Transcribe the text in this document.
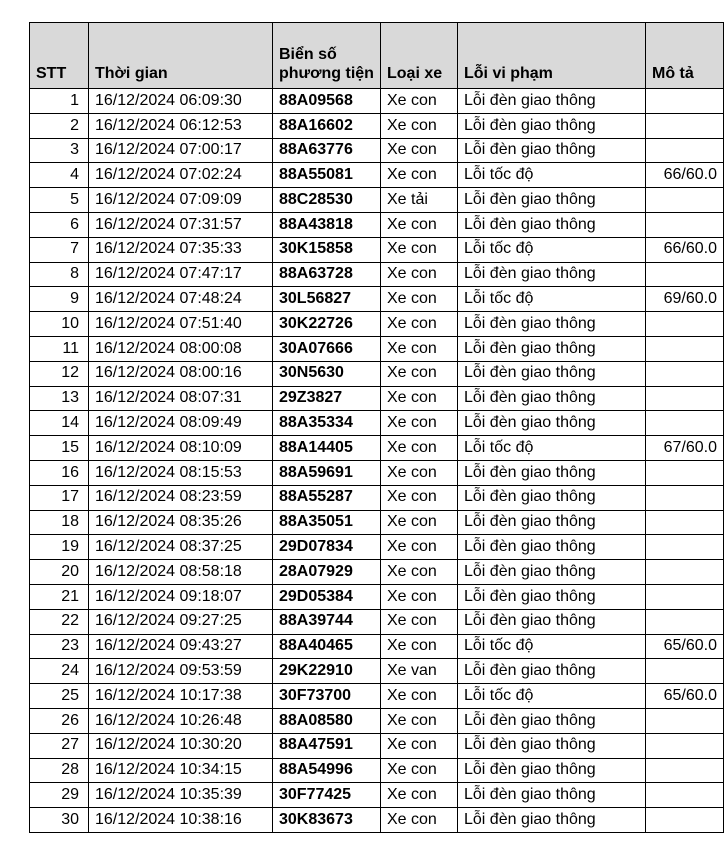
STT	Thời gian	Biển số phương tiện	Loại xe	Lỗi vi phạm	Mô tả
1	16/12/2024 06:09:30	88A09568	Xe con	Lỗi đèn giao thông	
2	16/12/2024 06:12:53	88A16602	Xe con	Lỗi đèn giao thông	
3	16/12/2024 07:00:17	88A63776	Xe con	Lỗi đèn giao thông	
4	16/12/2024 07:02:24	88A55081	Xe con	Lỗi tốc độ	66/60.0
5	16/12/2024 07:09:09	88C28530	Xe tải	Lỗi đèn giao thông	
6	16/12/2024 07:31:57	88A43818	Xe con	Lỗi đèn giao thông	
7	16/12/2024 07:35:33	30K15858	Xe con	Lỗi tốc độ	66/60.0
8	16/12/2024 07:47:17	88A63728	Xe con	Lỗi đèn giao thông	
9	16/12/2024 07:48:24	30L56827	Xe con	Lỗi tốc độ	69/60.0
10	16/12/2024 07:51:40	30K22726	Xe con	Lỗi đèn giao thông	
11	16/12/2024 08:00:08	30A07666	Xe con	Lỗi đèn giao thông	
12	16/12/2024 08:00:16	30N5630	Xe con	Lỗi đèn giao thông	
13	16/12/2024 08:07:31	29Z3827	Xe con	Lỗi đèn giao thông	
14	16/12/2024 08:09:49	88A35334	Xe con	Lỗi đèn giao thông	
15	16/12/2024 08:10:09	88A14405	Xe con	Lỗi tốc độ	67/60.0
16	16/12/2024 08:15:53	88A59691	Xe con	Lỗi đèn giao thông	
17	16/12/2024 08:23:59	88A55287	Xe con	Lỗi đèn giao thông	
18	16/12/2024 08:35:26	88A35051	Xe con	Lỗi đèn giao thông	
19	16/12/2024 08:37:25	29D07834	Xe con	Lỗi đèn giao thông	
20	16/12/2024 08:58:18	28A07929	Xe con	Lỗi đèn giao thông	
21	16/12/2024 09:18:07	29D05384	Xe con	Lỗi đèn giao thông	
22	16/12/2024 09:27:25	88A39744	Xe con	Lỗi đèn giao thông	
23	16/12/2024 09:43:27	88A40465	Xe con	Lỗi tốc độ	65/60.0
24	16/12/2024 09:53:59	29K22910	Xe van	Lỗi đèn giao thông	
25	16/12/2024 10:17:38	30F73700	Xe con	Lỗi tốc độ	65/60.0
26	16/12/2024 10:26:48	88A08580	Xe con	Lỗi đèn giao thông	
27	16/12/2024 10:30:20	88A47591	Xe con	Lỗi đèn giao thông	
28	16/12/2024 10:34:15	88A54996	Xe con	Lỗi đèn giao thông	
29	16/12/2024 10:35:39	30F77425	Xe con	Lỗi đèn giao thông	
30	16/12/2024 10:38:16	30K83673	Xe con	Lỗi đèn giao thông	
